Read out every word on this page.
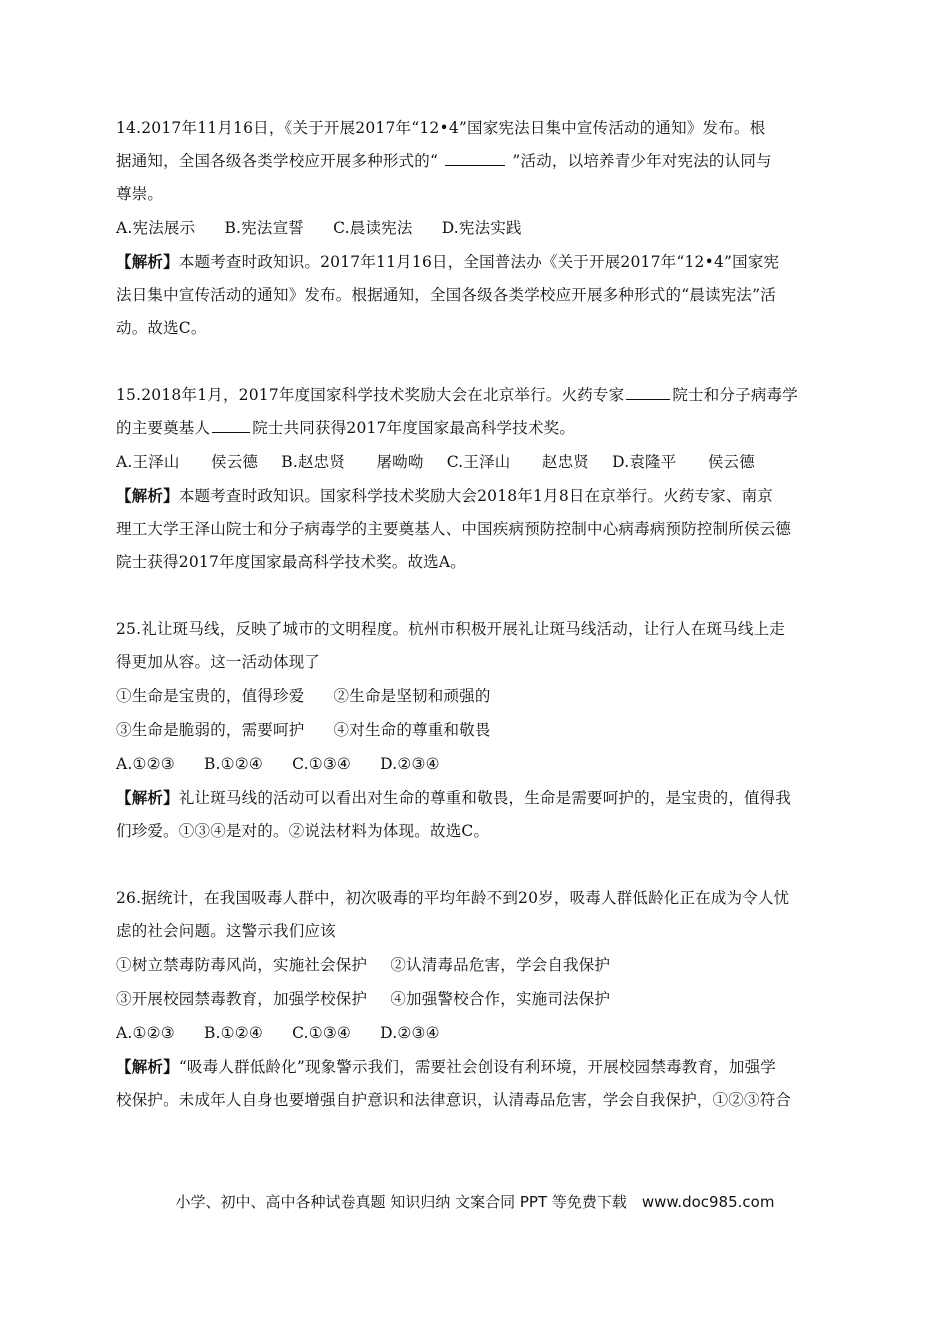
14.2017年11月16日，《关于开展2017年“12•4”国家宪法日集中宣传活动的通知》发布。根
据通知，全国各级各类学校应开展多种形式的“	”活动，以培养青少年对宪法的认同与
尊崇。
A.宪法展示 B.宪法宣誓 C.晨读宪法 D.宪法实践
【解析】本题考查时政知识。2017年11月16日，全国普法办《关于开展2017年“12•4”国家宪
法日集中宣传活动的通知》发布。根据通知，全国各级各类学校应开展多种形式的“晨读宪法”活
动。故选C。
15.2018年1月，2017年度国家科学技术奖励大会在北京举行。火药专家	院士和分子病毒学
的主要奠基人	院士共同获得2017年度国家最高科学技术奖。
A.王泽山　　侯云德 B.赵忠贤　　屠呦呦 C.王泽山　　赵忠贤 D.袁隆平　　侯云德
【解析】本题考查时政知识。国家科学技术奖励大会2018年1月8日在京举行。火药专家、南京
理工大学王泽山院士和分子病毒学的主要奠基人、中国疾病预防控制中心病毒病预防控制所侯云德
院士获得2017年度国家最高科学技术奖。故选A。
25.礼让斑马线，反映了城市的文明程度。杭州市积极开展礼让斑马线活动，让行人在斑马线上走
得更加从容。这一活动体现了
①生命是宝贵的，值得珍爱 ②生命是坚韧和顽强的
③生命是脆弱的，需要呵护 ④对生命的尊重和敬畏
A.①②③ B.①②④ C.①③④ D.②③④
【解析】礼让斑马线的活动可以看出对生命的尊重和敬畏，生命是需要呵护的，是宝贵的，值得我
们珍爱。①③④是对的。②说法材料为体现。故选C。
26.据统计，在我国吸毒人群中，初次吸毒的平均年龄不到20岁，吸毒人群低龄化正在成为令人忧
虑的社会问题。这警示我们应该
①树立禁毒防毒风尚，实施社会保护 ②认清毒品危害，学会自我保护
③开展校园禁毒教育，加强学校保护 ④加强警校合作，实施司法保护
A.①②③ B.①②④ C.①③④ D.②③④
【解析】“吸毒人群低龄化”现象警示我们，需要社会创设有利环境，开展校园禁毒教育，加强学
校保护。未成年人自身也要增强自护意识和法律意识，认清毒品危害，学会自我保护，①②③符合
小学、初中、高中各种试卷真题 知识归纳 文案合同 PPT 等免费下载　www.doc985.com
